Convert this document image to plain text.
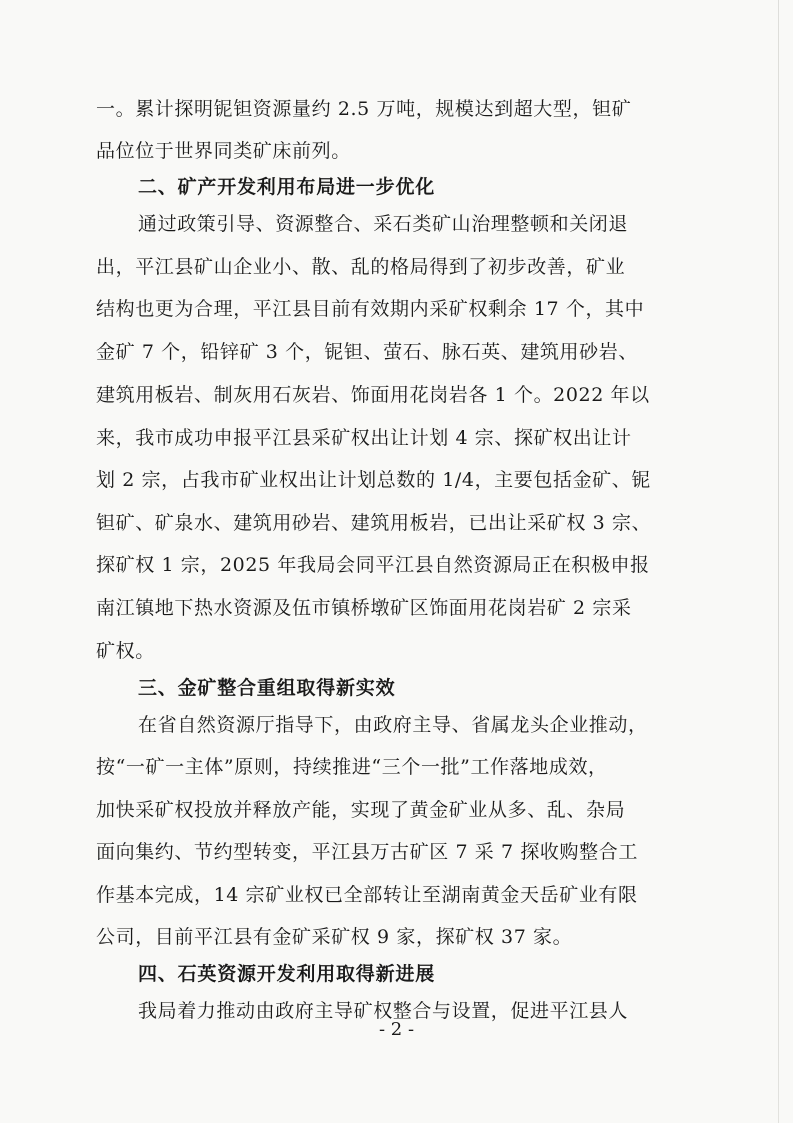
一。累计探明铌钽资源量约 2.5 万吨，规模达到超大型，钽矿
品位位于世界同类矿床前列。
二、矿产开发利用布局进一步优化
通过政策引导、资源整合、采石类矿山治理整顿和关闭退
出，平江县矿山企业小、散、乱的格局得到了初步改善，矿业
结构也更为合理，平江县目前有效期内采矿权剩余 17 个，其中
金矿 7 个，铅锌矿 3 个，铌钽、萤石、脉石英、建筑用砂岩、
建筑用板岩、制灰用石灰岩、饰面用花岗岩各 1 个。2022 年以
来，我市成功申报平江县采矿权出让计划 4 宗、探矿权出让计
划 2 宗，占我市矿业权出让计划总数的 1/4，主要包括金矿、铌
钽矿、矿泉水、建筑用砂岩、建筑用板岩，已出让采矿权 3 宗、
探矿权 1 宗，2025 年我局会同平江县自然资源局正在积极申报
南江镇地下热水资源及伍市镇桥墩矿区饰面用花岗岩矿 2 宗采
矿权。
三、金矿整合重组取得新实效
在省自然资源厅指导下，由政府主导、省属龙头企业推动，
按“一矿一主体”原则，持续推进“三个一批”工作落地成效，
加快采矿权投放并释放产能，实现了黄金矿业从多、乱、杂局
面向集约、节约型转变，平江县万古矿区 7 采 7 探收购整合工
作基本完成，14 宗矿业权已全部转让至湖南黄金天岳矿业有限
公司，目前平江县有金矿采矿权 9 家，探矿权 37 家。
四、石英资源开发利用取得新进展
我局着力推动由政府主导矿权整合与设置，促进平江县人
- 2 -
